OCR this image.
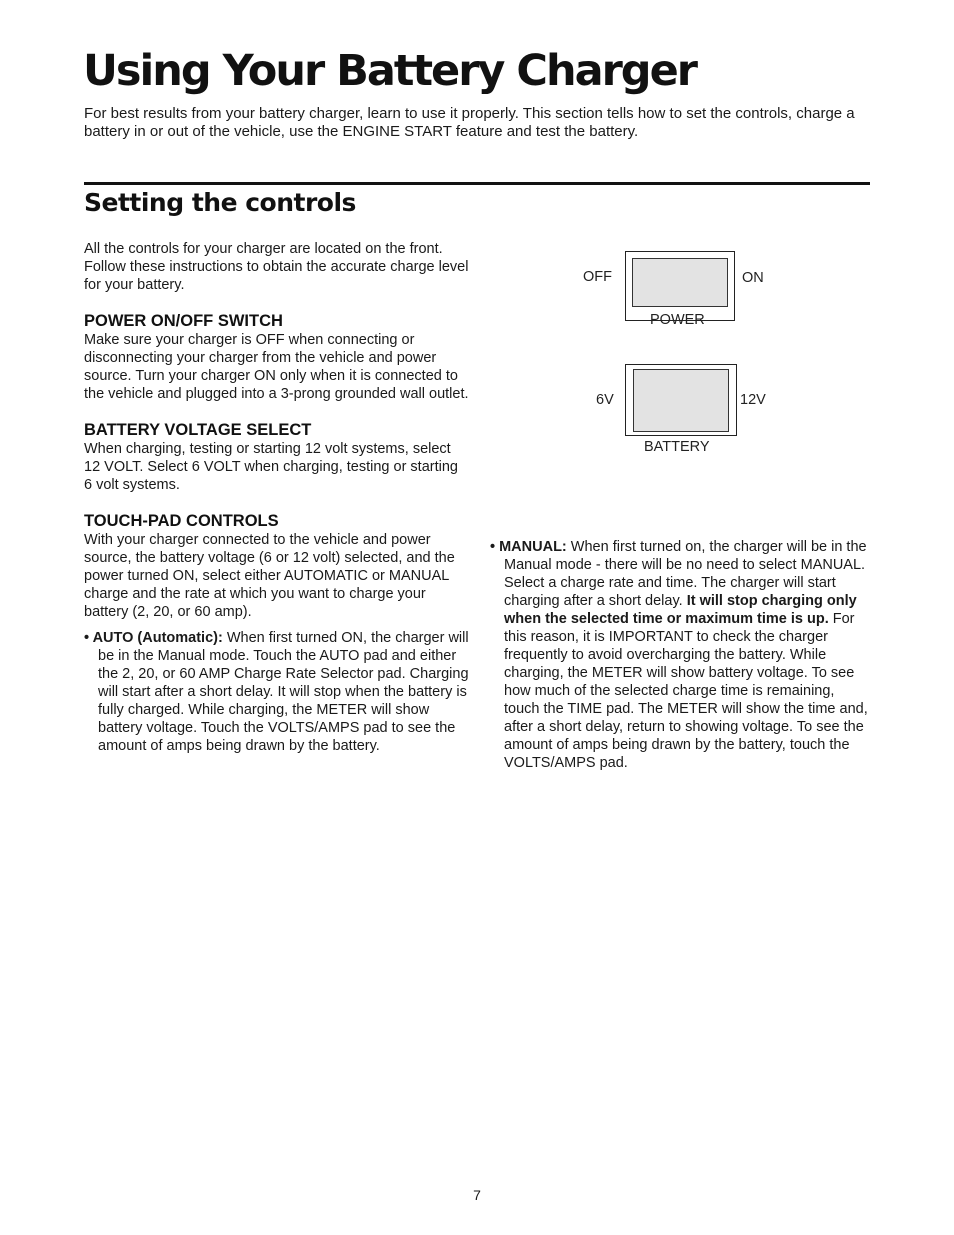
Using Your Battery Charger

For best results from your battery charger, learn to use it properly. This section tells how to set the controls, charge a battery in or out of the vehicle, use the ENGINE START feature and test the battery.

Setting the controls

All the controls for your charger are located on the front. Follow these instructions to obtain the accurate charge level for your battery.

POWER ON/OFF SWITCH

Make sure your charger is OFF when connecting or disconnecting your charger from the vehicle and power source. Turn your charger ON only when it is connected to the vehicle and plugged into a 3-prong grounded wall outlet.

BATTERY VOLTAGE SELECT

When charging, testing or starting 12 volt systems, select 12 VOLT. Select 6 VOLT when charging, testing or starting 6 volt systems.

TOUCH-PAD CONTROLS

With your charger connected to the vehicle and power source, the battery voltage (6 or 12 volt) selected, and the power turned ON, select either AUTOMATIC or MANUAL charge and the rate at which you want to charge your battery (2, 20, or 60 amp).

• AUTO (Automatic): When first turned ON, the charger will be in the Manual mode. Touch the AUTO pad and either the 2, 20, or 60 AMP Charge Rate Selector pad. Charging will start after a short delay. It will stop when the battery is fully charged. While charging, the METER will show battery voltage. Touch the VOLTS/AMPS pad to see the amount of amps being drawn by the battery.

• MANUAL: When first turned on, the charger will be in the Manual mode - there will be no need to select MANUAL. Select a charge rate and time. The charger will start charging after a short delay. It will stop charging only when the selected time or maximum time is up. For this reason, it is IMPORTANT to check the charger frequently to avoid overcharging the battery. While charging, the METER will show battery voltage. To see how much of the selected charge time is remaining, touch the TIME pad. The METER will show the time and, after a short delay, return to showing voltage. To see the amount of amps being drawn by the battery, touch the VOLTS/AMPS pad.

OFF	ON
POWER
6V	12V
BATTERY
7
